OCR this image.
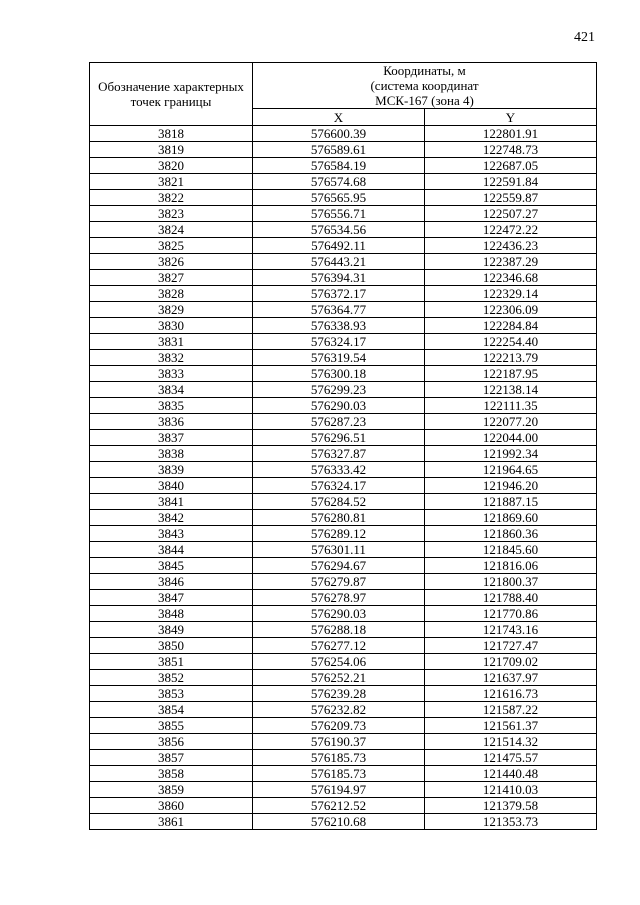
421
Обозначение характерных точек границы	Координаты, м
(система координат
МСК-167 (зона 4)	

	X	Y
3818	576600.39	122801.91
3819	576589.61	122748.73
3820	576584.19	122687.05
3821	576574.68	122591.84
3822	576565.95	122559.87
3823	576556.71	122507.27
3824	576534.56	122472.22
3825	576492.11	122436.23
3826	576443.21	122387.29
3827	576394.31	122346.68
3828	576372.17	122329.14
3829	576364.77	122306.09
3830	576338.93	122284.84
3831	576324.17	122254.40
3832	576319.54	122213.79
3833	576300.18	122187.95
3834	576299.23	122138.14
3835	576290.03	122111.35
3836	576287.23	122077.20
3837	576296.51	122044.00
3838	576327.87	121992.34
3839	576333.42	121964.65
3840	576324.17	121946.20
3841	576284.52	121887.15
3842	576280.81	121869.60
3843	576289.12	121860.36
3844	576301.11	121845.60
3845	576294.67	121816.06
3846	576279.87	121800.37
3847	576278.97	121788.40
3848	576290.03	121770.86
3849	576288.18	121743.16
3850	576277.12	121727.47
3851	576254.06	121709.02
3852	576252.21	121637.97
3853	576239.28	121616.73
3854	576232.82	121587.22
3855	576209.73	121561.37
3856	576190.37	121514.32
3857	576185.73	121475.57
3858	576185.73	121440.48
3859	576194.97	121410.03
3860	576212.52	121379.58
3861	576210.68	121353.73
